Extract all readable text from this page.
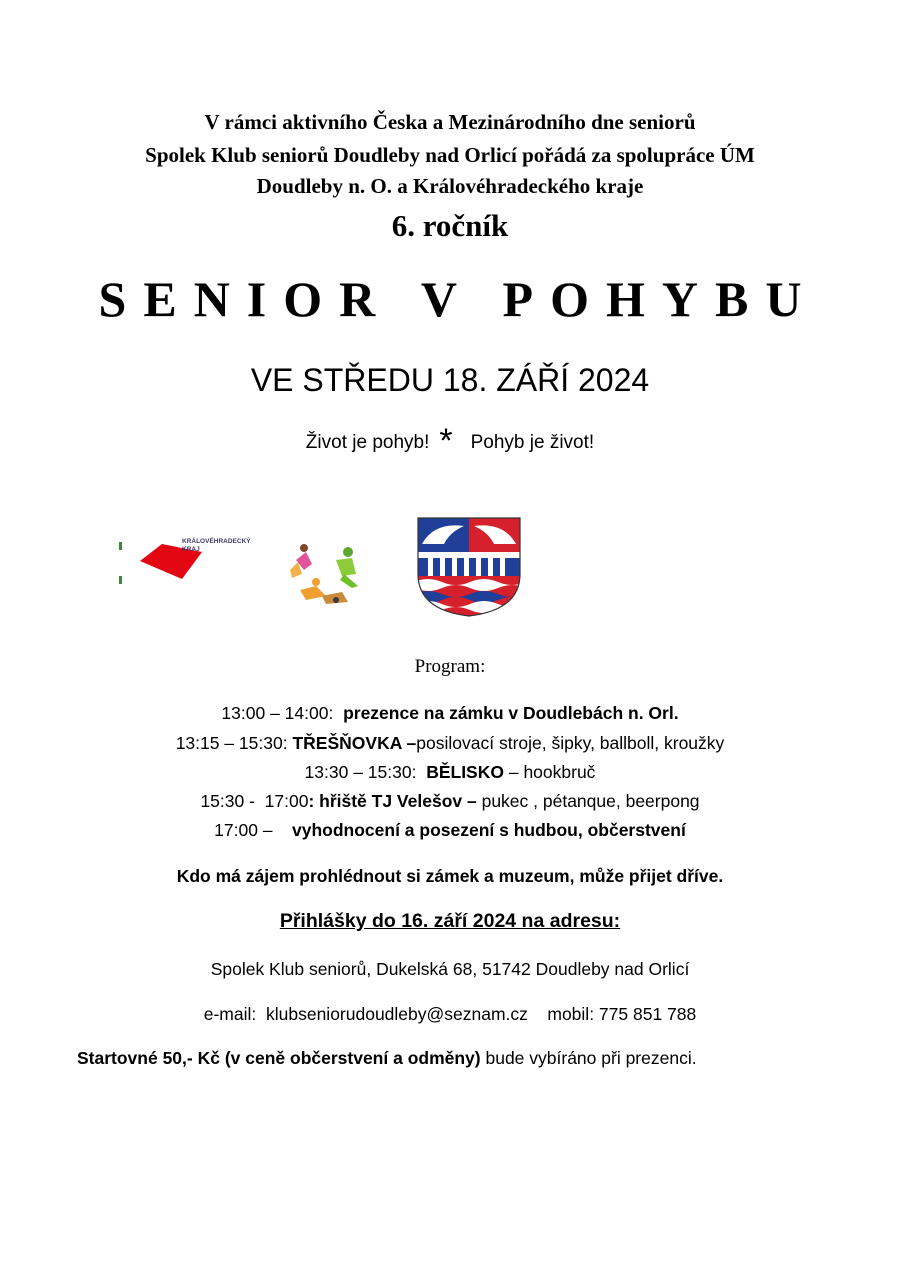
V rámci aktivního Česka a Mezinárodního dne seniorů
Spolek Klub seniorů Doudleby nad Orlicí pořádá za spolupráce ÚM
Doudleby n. O. a Královéhradeckého kraje
6. ročník
SENIOR V POHYBU
VE STŘEDU 18. ZÁŘÍ 2024
Život je pohyb! * Pohyb je život!
KRÁLOVÉHRADECKÝ
KRAJ
Program:
13:00 – 14:00:  prezence na zámku v Doudlebách n. Orl.
13:15 – 15:30: TŘEŠŇOVKA –posilovací stroje, šipky, ballboll, kroužky
13:30 – 15:30:  BĚLISKO – hookbruč
15:30 -  17:00: hřiště TJ Velešov – pukec , pétanque, beerpong
17:00 –    vyhodnocení a posezení s hudbou, občerstvení
Kdo má zájem prohlédnout si zámek a muzeum, může přijet dříve.
Přihlášky do 16. září 2024 na adresu:
Spolek Klub seniorů, Dukelská 68, 51742 Doudleby nad Orlicí
e-mail:  klubseniorudoudleby@seznam.cz    mobil: 775 851 788
Startovné 50,- Kč (v ceně občerstvení a odměny) bude vybíráno při prezenci.
